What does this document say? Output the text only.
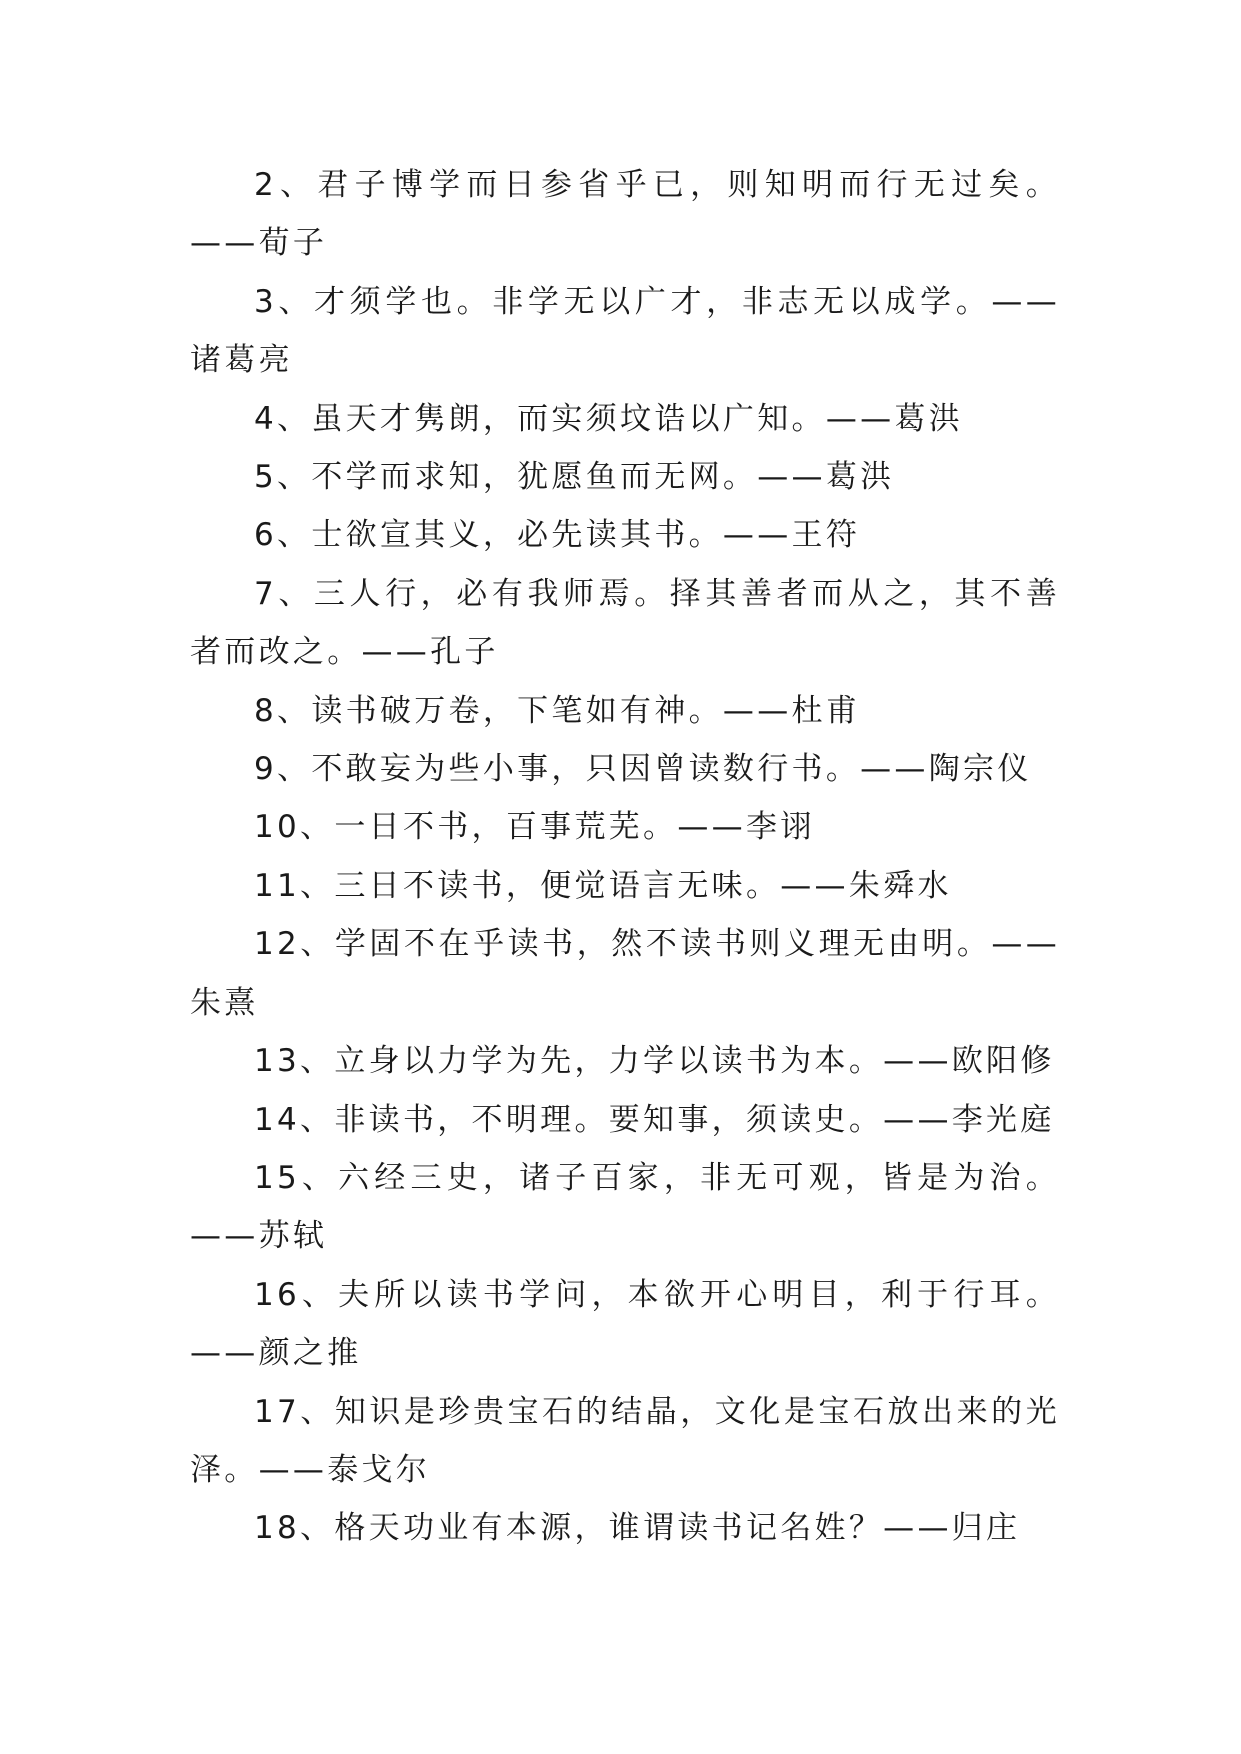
2、君子博学而日参省乎已，则知明而行无过矣。——荀子

3、才须学也。非学无以广才，非志无以成学。——诸葛亮

4、虽天才隽朗，而实须坟诰以广知。——葛洪

5、不学而求知，犹愿鱼而无网。——葛洪

6、士欲宣其义，必先读其书。——王符

7、三人行，必有我师焉。择其善者而从之，其不善者而改之。——孔子

8、读书破万卷，下笔如有神。——杜甫

9、不敢妄为些小事，只因曾读数行书。——陶宗仪

10、一日不书，百事荒芜。——李诩

11、三日不读书，便觉语言无味。——朱舜水

12、学固不在乎读书，然不读书则义理无由明。——朱熹

13、立身以力学为先，力学以读书为本。——欧阳修

14、非读书，不明理。要知事，须读史。——李光庭

15、六经三史，诸子百家，非无可观，皆是为治。——苏轼

16、夫所以读书学问，本欲开心明目，利于行耳。——颜之推

17、知识是珍贵宝石的结晶，文化是宝石放出来的光泽。——泰戈尔

18、格天功业有本源，谁谓读书记名姓？——归庄
